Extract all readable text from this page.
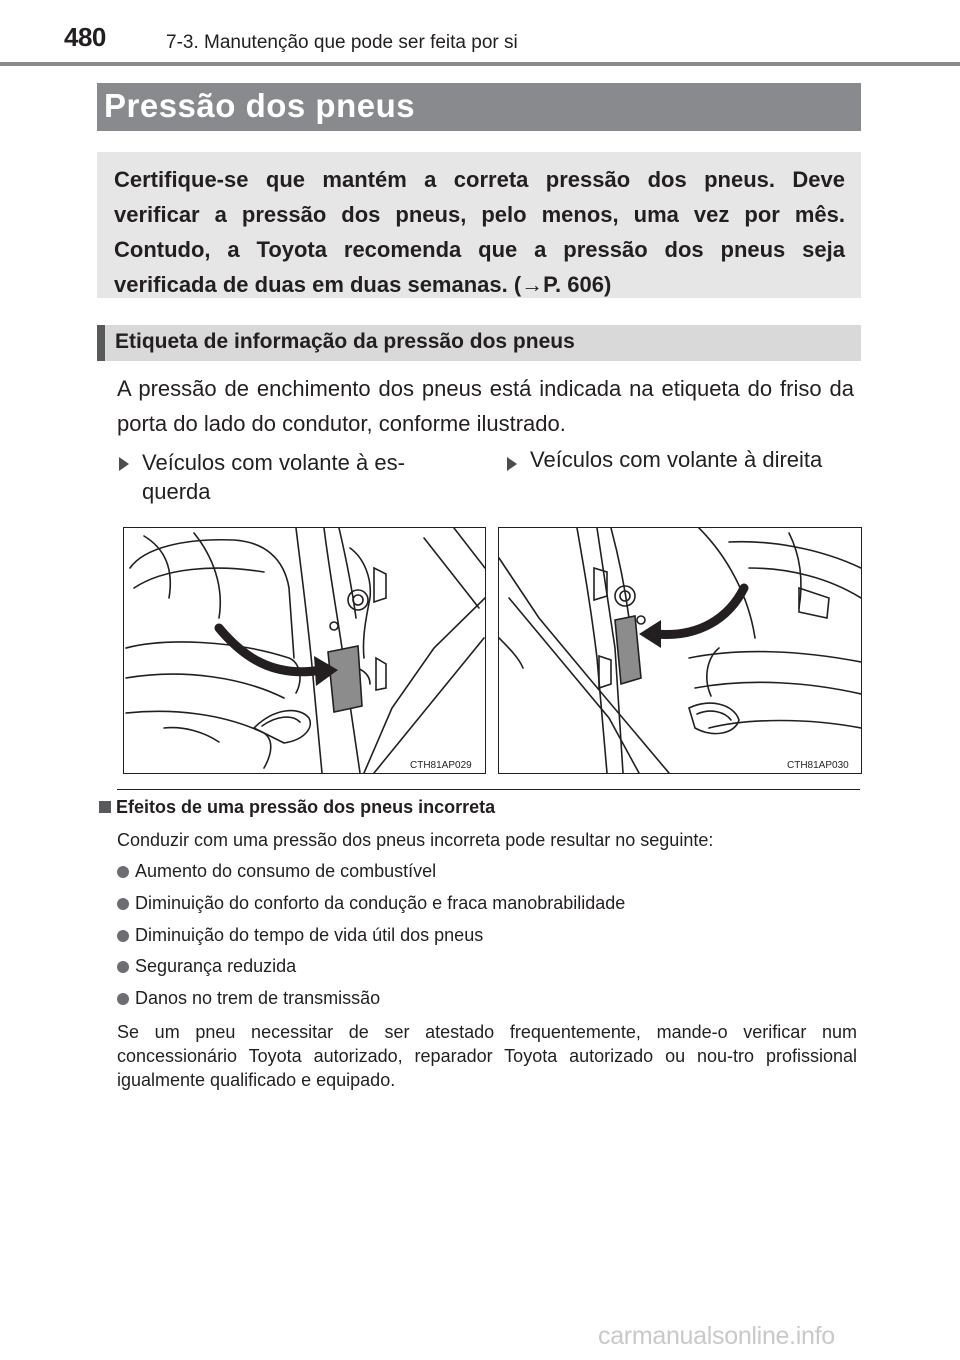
480	7-3. Manutenção que pode ser feita por si
Pressão dos pneus
Certifique-se que mantém a correta pressão dos pneus. Deve verificar a pressão dos pneus, pelo menos, uma vez por mês. Contudo, a Toyota recomenda que a pressão dos pneus seja verificada de duas em duas semanas. (→P. 606)
Etiqueta de informação da pressão dos pneus
A pressão de enchimento dos pneus está indicada na etiqueta do friso da porta do lado do condutor, conforme ilustrado.
Veículos com volante à es-
querda
Veículos com volante à direita
CTH81AP029	CTH81AP030
Efeitos de uma pressão dos pneus incorreta
Conduzir com uma pressão dos pneus incorreta pode resultar no seguinte:
Aumento do consumo de combustível
Diminuição do conforto da condução e fraca manobrabilidade
Diminuição do tempo de vida útil dos pneus
Segurança reduzida
Danos no trem de transmissão
Se um pneu necessitar de ser atestado frequentemente, mande-o verificar num concessionário Toyota autorizado, reparador Toyota autorizado ou nou-tro profissional igualmente qualificado e equipado.
carmanualsonline.info
